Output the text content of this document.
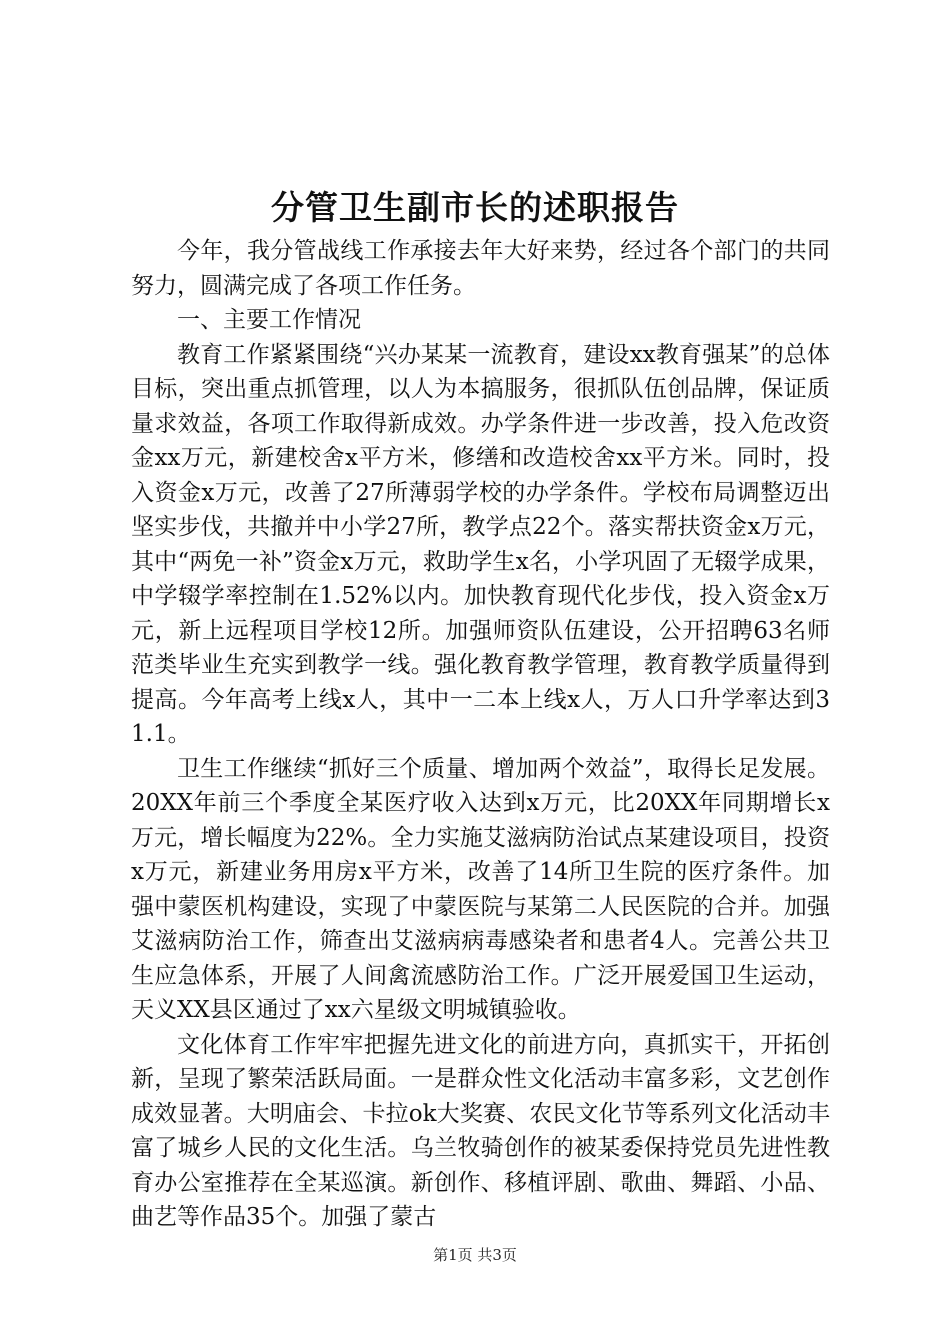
分管卫生副市长的述职报告

今年，我分管战线工作承接去年大好来势，经过各个部门的共同努力，圆满完成了各项工作任务。

一、主要工作情况

教育工作紧紧围绕“兴办某某一流教育，建设xx教育强某”的总体目标，突出重点抓管理，以人为本搞服务，很抓队伍创品牌，保证质量求效益，各项工作取得新成效。办学条件进一步改善，投入危改资金xx万元，新建校舍x平方米，修缮和改造校舍xx平方米。同时，投入资金x万元，改善了27所薄弱学校的办学条件。学校布局调整迈出坚实步伐，共撤并中小学27所，教学点22个。落实帮扶资金x万元，其中“两免一补”资金x万元，救助学生x名，小学巩固了无辍学成果，中学辍学率控制在1.52%以内。加快教育现代化步伐，投入资金x万元，新上远程项目学校12所。加强师资队伍建设，公开招聘63名师范类毕业生充实到教学一线。强化教育教学管理，教育教学质量得到提高。今年高考上线x人，其中一二本上线x人，万人口升学率达到31.1。

卫生工作继续“抓好三个质量、增加两个效益”，取得长足发展。20XX年前三个季度全某医疗收入达到x万元，比20XX年同期增长x万元，增长幅度为22%。全力实施艾滋病防治试点某建设项目，投资x万元，新建业务用房x平方米，改善了14所卫生院的医疗条件。加强中蒙医机构建设，实现了中蒙医院与某第二人民医院的合并。加强艾滋病防治工作，筛查出艾滋病病毒感染者和患者4人。完善公共卫生应急体系，开展了人间禽流感防治工作。广泛开展爱国卫生运动，天义XX县区通过了xx六星级文明城镇验收。

文化体育工作牢牢把握先进文化的前进方向，真抓实干，开拓创新，呈现了繁荣活跃局面。一是群众性文化活动丰富多彩，文艺创作成效显著。大明庙会、卡拉ok大奖赛、农民文化节等系列文化活动丰富了城乡人民的文化生活。乌兰牧骑创作的被某委保持党员先进性教育办公室推荐在全某巡演。新创作、移植评剧、歌曲、舞蹈、小品、曲艺等作品35个。加强了蒙古

第1页 共3页
